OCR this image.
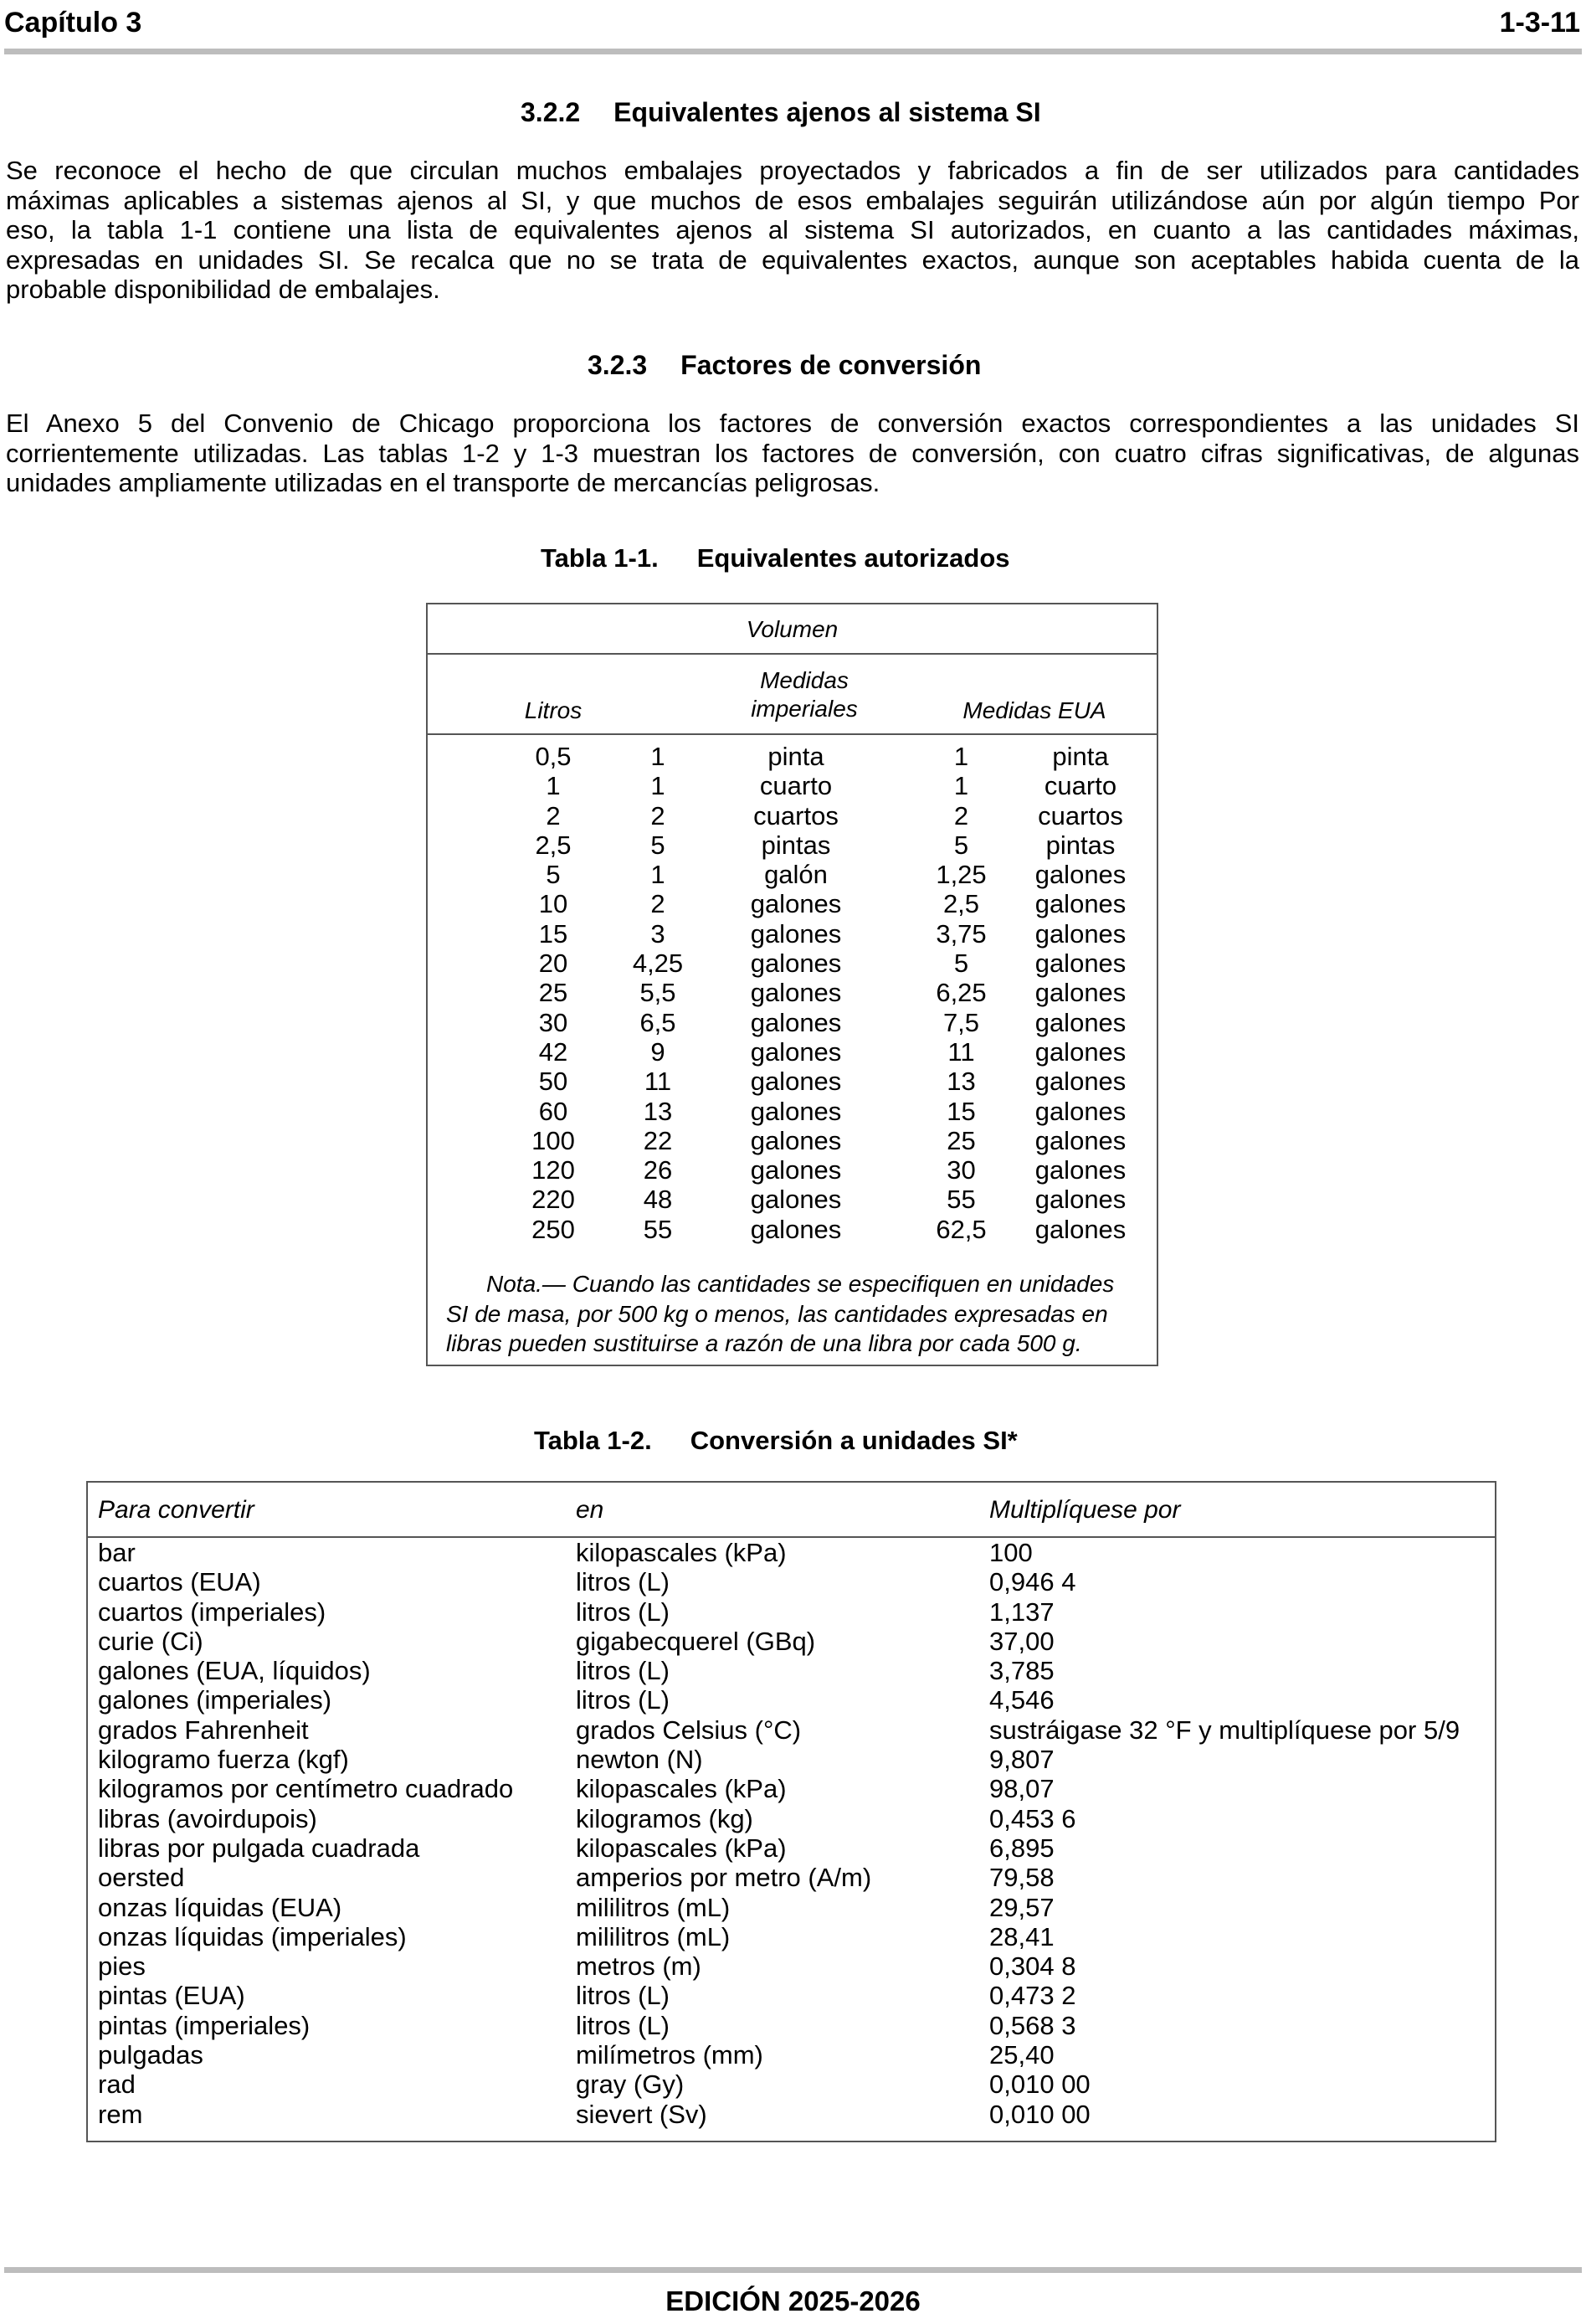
Capítulo 3	1-3-11
3.2.2 Equivalentes ajenos al sistema SI
Se reconoce el hecho de que circulan muchos embalajes proyectados y fabricados a fin de ser utilizados para cantidades
máximas aplicables a sistemas ajenos al SI, y que muchos de esos embalajes seguirán utilizándose aún por algún tiempo Por
eso, la tabla 1-1 contiene una lista de equivalentes ajenos al sistema SI autorizados, en cuanto a las cantidades máximas,
expresadas en unidades SI. Se recalca que no se trata de equivalentes exactos, aunque son aceptables habida cuenta de la
probable disponibilidad de embalajes.
3.2.3 Factores de conversión
El Anexo 5 del Convenio de Chicago proporciona los factores de conversión exactos correspondientes a las unidades SI
corrientemente utilizadas. Las tablas 1-2 y 1-3 muestran los factores de conversión, con cuatro cifras significativas, de algunas
unidades ampliamente utilizadas en el transporte de mercancías peligrosas.
Tabla 1-1. Equivalentes autorizados
Volumen
Litros
Medidas
imperiales	Medidas EUA
0,5	1	pinta	1	pinta
1	1	cuarto	1	cuarto
2	2	cuartos	2	cuartos
2,5	5	pintas	5	pintas
5	1	galón	1,25	galones
10	2	galones	2,5	galones
15	3	galones	3,75	galones
20	4,25	galones	5	galones
25	5,5	galones	6,25	galones
30	6,5	galones	7,5	galones
42	9	galones	11	galones
50	11	galones	13	galones
60	13	galones	15	galones
100	22	galones	25	galones
120	26	galones	30	galones
220	48	galones	55	galones
250	55	galones	62,5	galones
Nota.— Cuando las cantidades se especifiquen en unidades
SI de masa, por 500 kg o menos, las cantidades expresadas en
libras pueden sustituirse a razón de una libra por cada 500 g.
Tabla 1-2. Conversión a unidades SI*
Para convertir	en	Multiplíquese por
bar	kilopascales (kPa)	100
cuartos (EUA)	litros (L)	0,946 4
cuartos (imperiales)	litros (L)	1,137
curie (Ci)	gigabecquerel (GBq)	37,00
galones (EUA, líquidos)	litros (L)	3,785
galones (imperiales)	litros (L)	4,546
grados Fahrenheit	grados Celsius (°C)	sustráigase 32 °F y multiplíquese por 5/9
kilogramo fuerza (kgf)	newton (N)	9,807
kilogramos por centímetro cuadrado kilopascales (kPa)	98,07
libras (avoirdupois)	kilogramos (kg)	0,453 6
libras por pulgada cuadrada	kilopascales (kPa)	6,895
oersted	amperios por metro (A/m)	79,58
onzas líquidas (EUA)	mililitros (mL)	29,57
onzas líquidas (imperiales)	mililitros (mL)	28,41
pies	metros (m)	0,304 8
pintas (EUA)	litros (L)	0,473 2
pintas (imperiales)	litros (L)	0,568 3
pulgadas	milímetros (mm)	25,40
rad	gray (Gy)	0,010 00
rem	sievert (Sv)	0,010 00
EDICIÓN 2025-2026
